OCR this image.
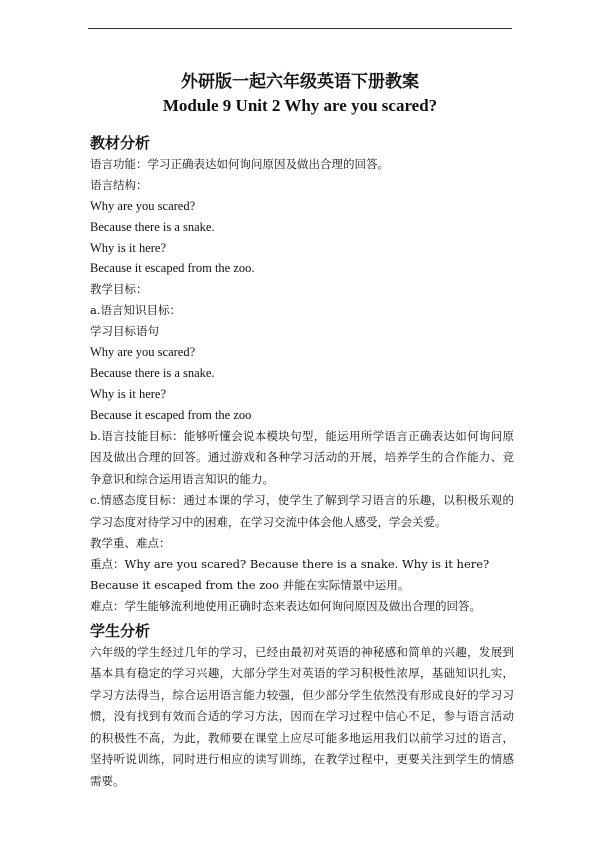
外研版一起六年级英语下册教案
Module 9 Unit 2 Why are you scared?
教材分析
语言功能：学习正确表达如何询问原因及做出合理的回答。
语言结构：
Why are you scared?
Because there is a snake.
Why is it here?
Because it escaped from the zoo.
教学目标：
a.语言知识目标：
学习目标语句
Why are you scared?
Because there is a snake.
Why is it here?
Because it escaped from the zoo

b.语言技能目标：能够听懂会说本模块句型，能运用所学语言正确表达如何询问原因及做出合理的回答。通过游戏和各种学习活动的开展，培养学生的合作能力、竞争意识和综合运用语言知识的能力。

c.情感态度目标：通过本课的学习，使学生了解到学习语言的乐趣，以积极乐观的学习态度对待学习中的困难，在学习交流中体会他人感受，学会关爱。

教学重、难点：
重点：Why are you scared? Because there is a snake. Why is it here?
Because it escaped from the zoo 并能在实际情景中运用。
难点：学生能够流利地使用正确时态来表达如何询问原因及做出合理的回答。
学生分析

六年级的学生经过几年的学习，已经由最初对英语的神秘感和简单的兴趣，发展到基本具有稳定的学习兴趣，大部分学生对英语的学习积极性浓厚，基础知识扎实，学习方法得当，综合运用语言能力较强，但少部分学生依然没有形成良好的学习习惯，没有找到有效而合适的学习方法，因而在学习过程中信心不足，参与语言活动的积极性不高，为此，教师要在课堂上应尽可能多地运用我们以前学习过的语言，坚持听说训练，同时进行相应的读写训练，在教学过程中，更要关注到学生的情感需要。
